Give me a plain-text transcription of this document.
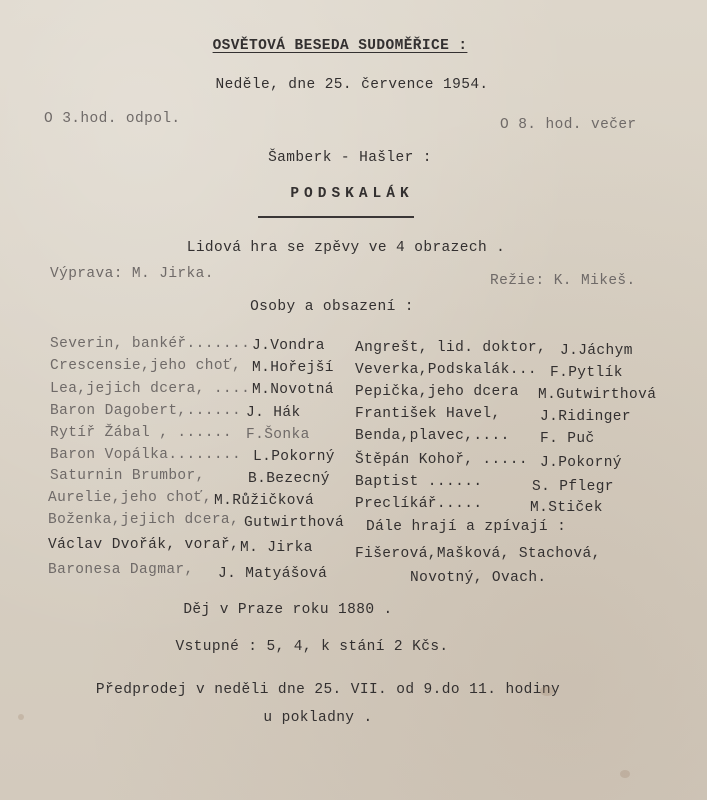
OSVĚTOVÁ BESEDA SUDOMĚŘICE :
Neděle, dne 25. července 1954.
O 3.hod. odpol.	O 8. hod. večer
Šamberk - Hašler :
PODSKALÁK
Lidová hra se zpěvy ve 4 obrazech .
Výprava: M. Jirka.	Režie: K. Mikeš.
Osoby a obsazení :
Severin, bankéř....... J.Vondra
Crescensie,jeho choť, M.Hořejší
Lea,jejich dcera, .... M.Novotná
Baron Dagobert,...... J. Hák
Rytíř Žábal , ...... F.Šonka
Baron Vopálka........ L.Pokorný
Saturnin Brumbor,	B.Bezecný
Aurelie,jeho choť, M.Růžičková
Boženka,jejich dcera, Gutwirthová
Václav Dvořák, vorař, M. Jirka
Baronesa Dagmar, J. Matyášová
Angrešt, lid. doktor, J.Jáchym
Veverka,Podskalák... F.Pytlík
Pepička,jeho dcera M.Gutwirthová
František Havel,	J.Ridinger
Benda,plavec,.... F. Puč
Štěpán Kohoř, ..... J.Pokorný
Baptist ......	S. Pflegr
Preclíkář.....	M.Stiček
Dále hrají a zpívají :
Fišerová,Mašková, Stachová,
Novotný, Ovach.
Děj v Praze roku 1880 .
Vstupné : 5, 4, k stání 2 Kčs.
Předprodej v neděli dne 25. VII. od 9.do 11. hodiny
u pokladny .
